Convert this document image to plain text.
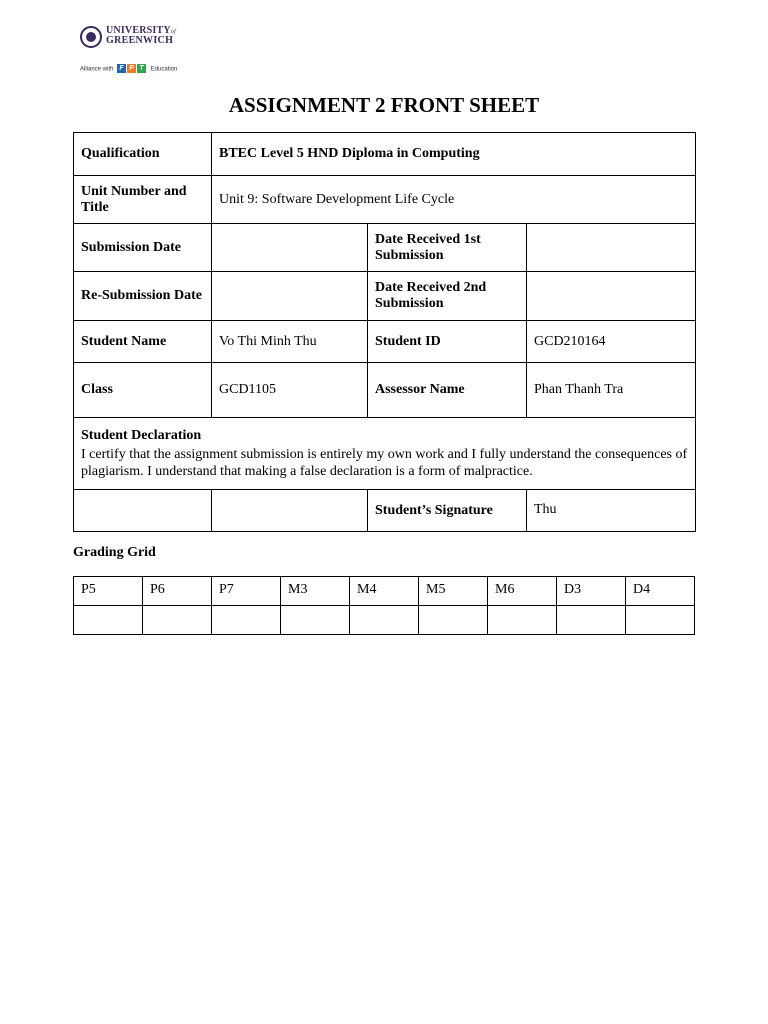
UNIVERSITYof
GREENWICH
Alliance with F P T Education
ASSIGNMENT 2 FRONT SHEET
Qualification	BTEC Level 5 HND Diploma in Computing		
Unit Number and Title	Unit 9: Software Development Life Cycle		
Submission Date		Date Received 1st Submission	
Re-Submission Date		Date Received 2nd Submission	
Student Name	Vo Thi Minh Thu	Student ID	GCD210164
Class	GCD1105	Assessor Name	Phan Thanh Tra

Student Declaration
I certify that the assignment submission is entirely my own work and I fully understand the consequences of plagiarism. I understand that making a false declaration is a form of malpractice.			

		Student’s Signature	Thu
Grading Grid
P5	P6	P7	M3	M4	M5	M6	D3	D4
